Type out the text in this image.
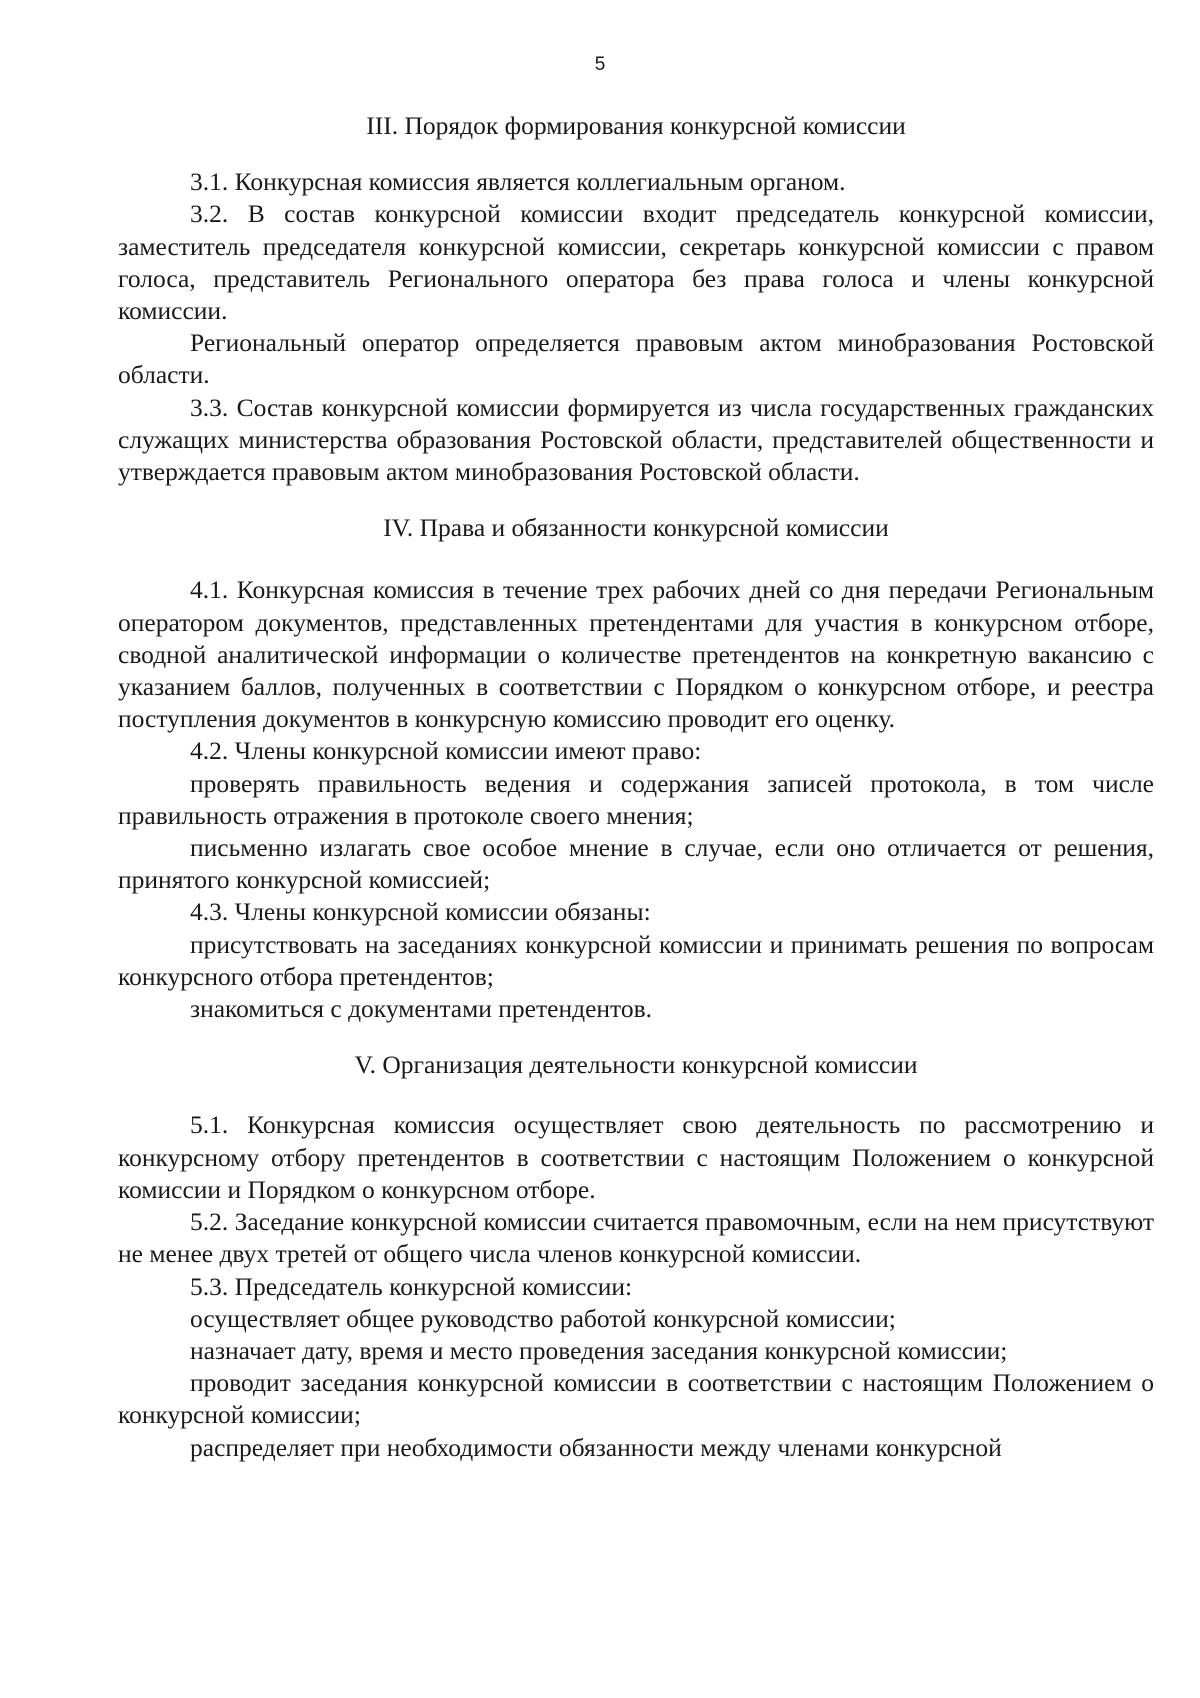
5
III. Порядок формирования конкурсной комиссии

3.1. Конкурсная комиссия является коллегиальным органом.

3.2. В состав конкурсной комиссии входит председатель конкурсной комиссии, заместитель председателя конкурсной комиссии, секретарь конкурсной комиссии с правом голоса, представитель Регионального оператора без права голоса и члены конкурсной комиссии.

Региональный оператор определяется правовым актом минобразования Ростовской области.

3.3. Состав конкурсной комиссии формируется из числа государственных гражданских служащих министерства образования Ростовской области, представителей общественности и утверждается правовым актом минобразования Ростовской области.

IV. Права и обязанности конкурсной комиссии

4.1. Конкурсная комиссия в течение трех рабочих дней со дня передачи Региональным оператором документов, представленных претендентами для участия в конкурсном отборе, сводной аналитической информации о количестве претендентов на конкретную вакансию с указанием баллов, полученных в соответствии с Порядком о конкурсном отборе, и реестра поступления документов в конкурсную комиссию проводит его оценку.

4.2. Члены конкурсной комиссии имеют право:

проверять правильность ведения и содержания записей протокола, в том числе правильность отражения в протоколе своего мнения;

письменно излагать свое особое мнение в случае, если оно отличается от решения, принятого конкурсной комиссией;

4.3. Члены конкурсной комиссии обязаны:

присутствовать на заседаниях конкурсной комиссии и принимать решения по вопросам конкурсного отбора претендентов;

знакомиться с документами претендентов.

V. Организация деятельности конкурсной комиссии

5.1. Конкурсная комиссия осуществляет свою деятельность по рассмотрению и конкурсному отбору претендентов в соответствии с настоящим Положением о конкурсной комиссии и Порядком о конкурсном отборе.

5.2. Заседание конкурсной комиссии считается правомочным, если на нем присутствуют не менее двух третей от общего числа членов конкурсной комиссии.

5.3. Председатель конкурсной комиссии:

осуществляет общее руководство работой конкурсной комиссии;

назначает дату, время и место проведения заседания конкурсной комиссии;

проводит заседания конкурсной комиссии в соответствии с настоящим Положением о конкурсной комиссии;

распределяет при необходимости обязанности между членами конкурсной
